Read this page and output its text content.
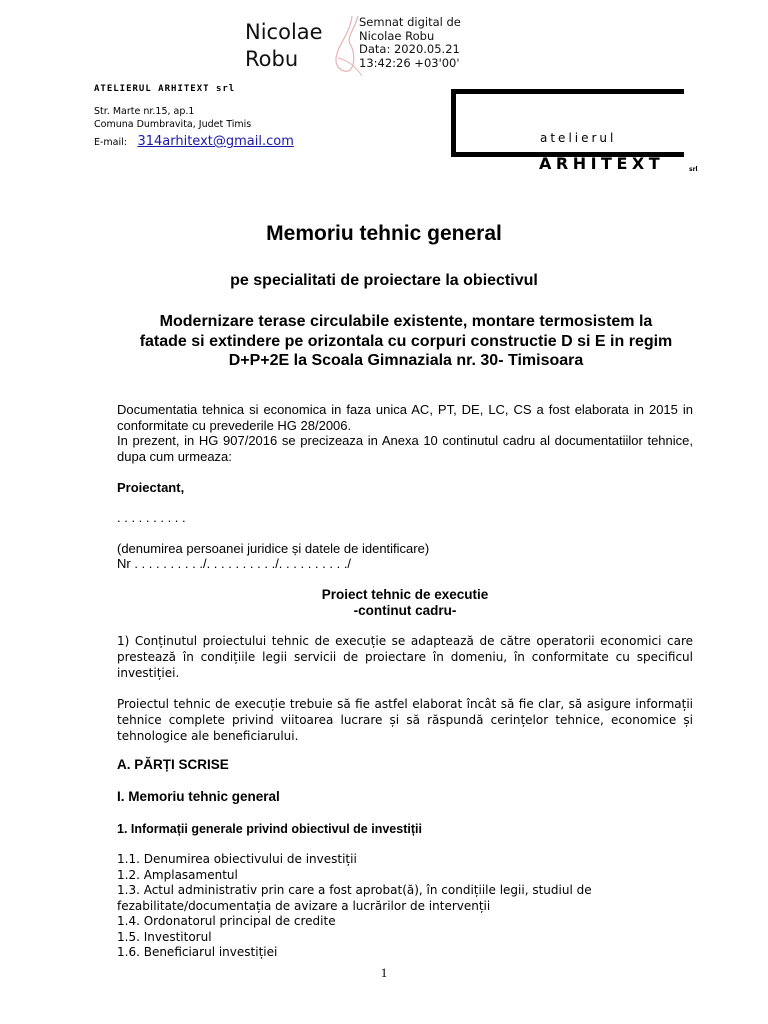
Nicolae
Robu
Semnat digital de
Nicolae Robu
Data: 2020.05.21
13:42:26 +03'00'
ATELIERUL ARHITEXT srl
Str. Marte nr.15, ap.1
Comuna Dumbravita, Judet Timis
E-mail: 314arhitext@gmail.com	atelierul
ARHITEXT	srl
Memoriu tehnic general
pe specialitati de proiectare la obiectivul
Modernizare terase circulabile existente, montare termosistem la
fatade si extindere pe orizontala cu corpuri constructie D si E in regim
D+P+2E la Scoala Gimnaziala nr. 30- Timisoara
Documentatia tehnica si economica in faza unica AC, PT, DE, LC, CS a fost elaborata in 2015 in conformitate cu prevederile HG 28/2006.
In prezent, in HG 907/2016 se precizeaza in Anexa 10 continutul cadru al documentatiilor tehnice, dupa cum urmeaza:
Proiectant,
. . . . . . . . . .
(denumirea persoanei juridice și datele de identificare)
Nr . . . . . . . . . ./. . . . . . . . . ./. . . . . . . . . ./
Proiect tehnic de executie
-continut cadru-
1) Conținutul proiectului tehnic de execuție se adaptează de către operatorii economici care prestează în condițiile legii servicii de proiectare în domeniu, în conformitate cu specificul investiției.
Proiectul tehnic de execuție trebuie să fie astfel elaborat încât să fie clar, să asigure informații tehnice complete privind viitoarea lucrare și să răspundă cerințelor tehnice, economice și tehnologice ale beneficiarului.
A. PĂRȚI SCRISE
I. Memoriu tehnic general
1. Informații generale privind obiectivul de investiții
1.1. Denumirea obiectivului de investiții
1.2. Amplasamentul
1.3. Actul administrativ prin care a fost aprobat(ă), în condițiile legii, studiul de fezabilitate/documentația de avizare a lucrărilor de intervenții
1.4. Ordonatorul principal de credite
1.5. Investitorul
1.6. Beneficiarul investiției
1
